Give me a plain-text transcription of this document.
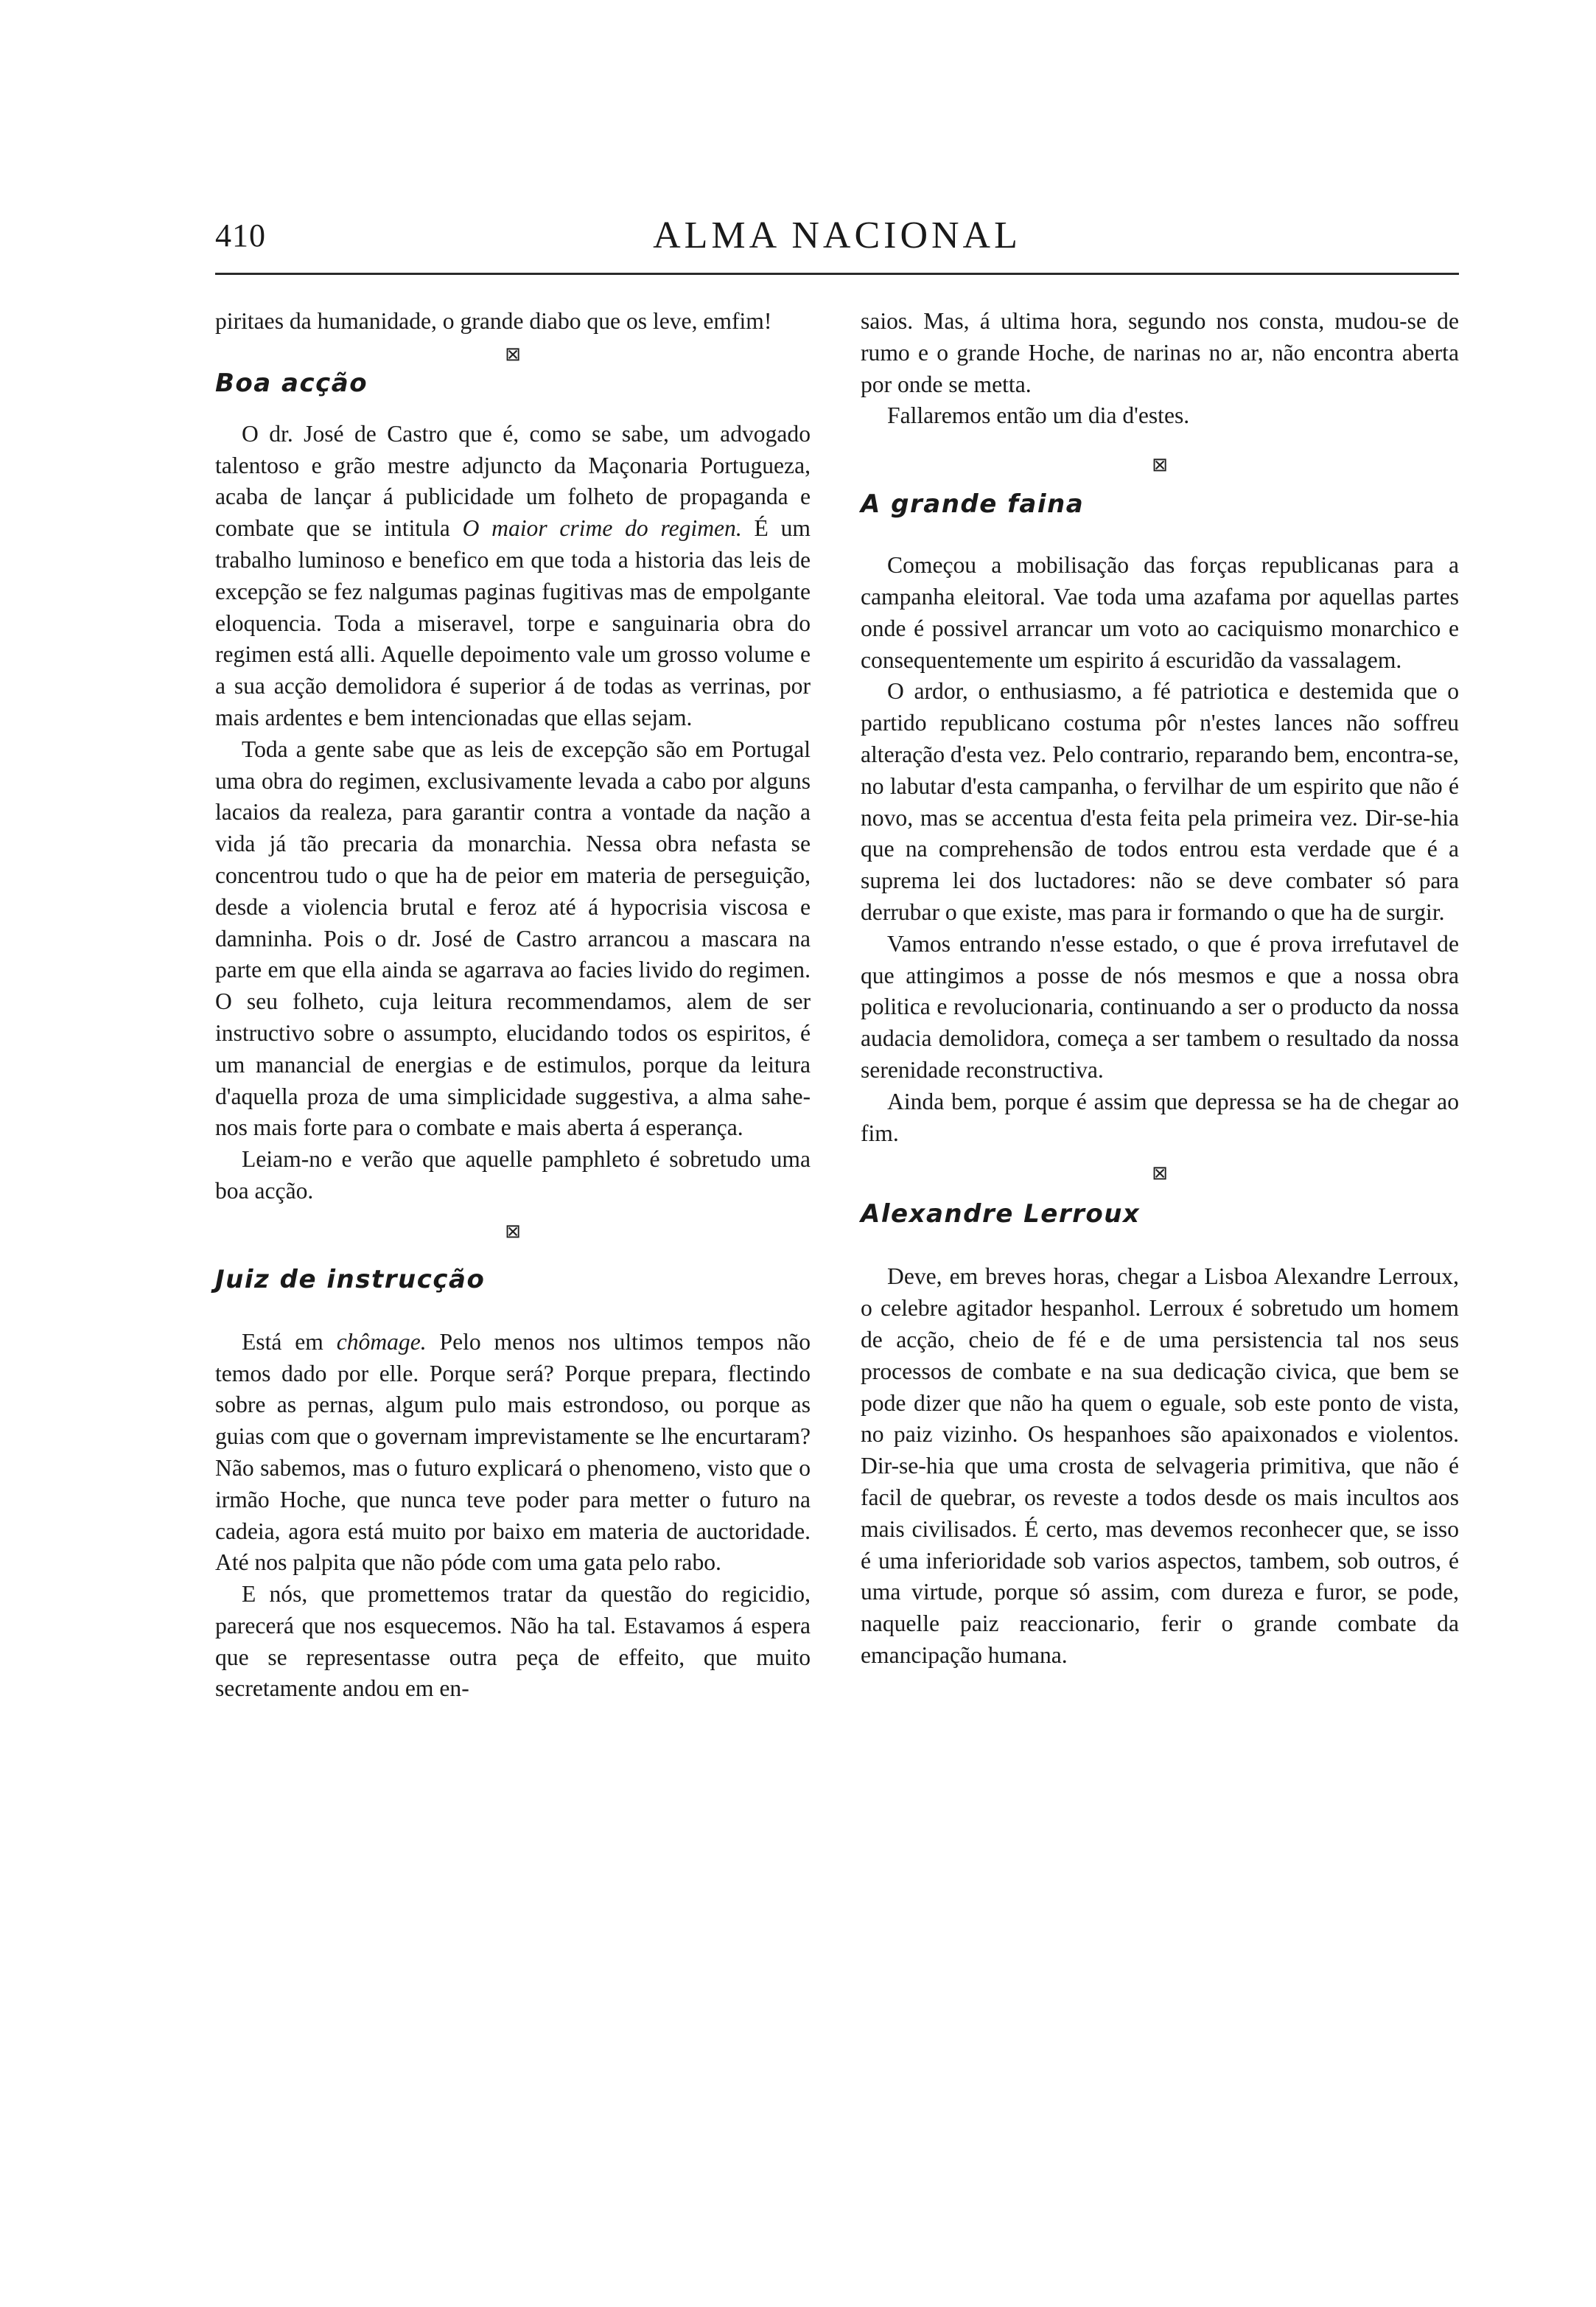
410	ALMA NACIONAL

piritaes da humanidade, o grande diabo que os leve, emfim!

⊠
Boa acção

O dr. José de Castro que é, como se sabe, um advogado talentoso e grão mestre adjuncto da Maçonaria Portugueza, acaba de lançar á publicidade um folheto de propaganda e combate que se intitula O maior crime do regimen. É um trabalho luminoso e benefico em que toda a historia das leis de excepção se fez nalgumas paginas fugitivas mas de empolgante eloquencia. Toda a miseravel, torpe e sanguinaria obra do regimen está alli. Aquelle depoimento vale um grosso volume e a sua acção demolidora é superior á de todas as verrinas, por mais ardentes e bem intencionadas que ellas sejam.

Toda a gente sabe que as leis de excepção são em Portugal uma obra do regimen, exclusivamente levada a cabo por alguns lacaios da realeza, para garantir contra a vontade da nação a vida já tão precaria da monarchia. Nessa obra nefasta se concentrou tudo o que ha de peior em materia de perseguição, desde a violencia brutal e feroz até á hypocrisia viscosa e damninha. Pois o dr. José de Castro arrancou a mascara na parte em que ella ainda se agarrava ao facies livido do regimen. O seu folheto, cuja leitura recommendamos, alem de ser instructivo sobre o assumpto, elucidando todos os espiritos, é um manancial de energias e de estimulos, porque da leitura d'aquella proza de uma simplicidade suggestiva, a alma sahe-nos mais forte para o combate e mais aberta á esperança.

Leiam-no e verão que aquelle pamphleto é sobretudo uma boa acção.

⊠
Juiz de instrucção

Está em chômage. Pelo menos nos ultimos tempos não temos dado por elle. Porque será? Porque prepara, flectindo sobre as pernas, algum pulo mais estrondoso, ou porque as guias com que o governam imprevistamente se lhe encurtaram? Não sabemos, mas o futuro explicará o phenomeno, visto que o irmão Hoche, que nunca teve poder para metter o futuro na cadeia, agora está muito por baixo em materia de auctoridade. Até nos palpita que não póde com uma gata pelo rabo.

E nós, que promettemos tratar da questão do regicidio, parecerá que nos esquecemos. Não ha tal. Estavamos á espera que se representasse outra peça de effeito, que muito secretamente andou em en-

saios. Mas, á ultima hora, segundo nos consta, mudou-se de rumo e o grande Hoche, de narinas no ar, não encontra aberta por onde se metta.

Fallaremos então um dia d'estes.

⊠
A grande faina

Começou a mobilisação das forças republicanas para a campanha eleitoral. Vae toda uma azafama por aquellas partes onde é possivel arrancar um voto ao caciquismo monarchico e consequentemente um espirito á escuridão da vassalagem.

O ardor, o enthusiasmo, a fé patriotica e destemida que o partido republicano costuma pôr n'estes lances não soffreu alteração d'esta vez. Pelo contrario, reparando bem, encontra-se, no labutar d'esta campanha, o fervilhar de um espirito que não é novo, mas se accentua d'esta feita pela primeira vez. Dir-se-hia que na comprehensão de todos entrou esta verdade que é a suprema lei dos luctadores: não se deve combater só para derrubar o que existe, mas para ir formando o que ha de surgir.

Vamos entrando n'esse estado, o que é prova irrefutavel de que attingimos a posse de nós mesmos e que a nossa obra politica e revolucionaria, continuando a ser o producto da nossa audacia demolidora, começa a ser tambem o resultado da nossa serenidade reconstructiva.

Ainda bem, porque é assim que depressa se ha de chegar ao fim.

⊠
Alexandre Lerroux

Deve, em breves horas, chegar a Lisboa Alexandre Lerroux, o celebre agitador hespanhol. Lerroux é sobretudo um homem de acção, cheio de fé e de uma persistencia tal nos seus processos de combate e na sua dedicação civica, que bem se pode dizer que não ha quem o eguale, sob este ponto de vista, no paiz vizinho. Os hespanhoes são apaixonados e violentos. Dir-se-hia que uma crosta de selvageria primitiva, que não é facil de quebrar, os reveste a todos desde os mais incultos aos mais civilisados. É certo, mas devemos reconhecer que, se isso é uma inferioridade sob varios aspectos, tambem, sob outros, é uma virtude, porque só assim, com dureza e furor, se pode, naquelle paiz reaccionario, ferir o grande combate da emancipação humana.
